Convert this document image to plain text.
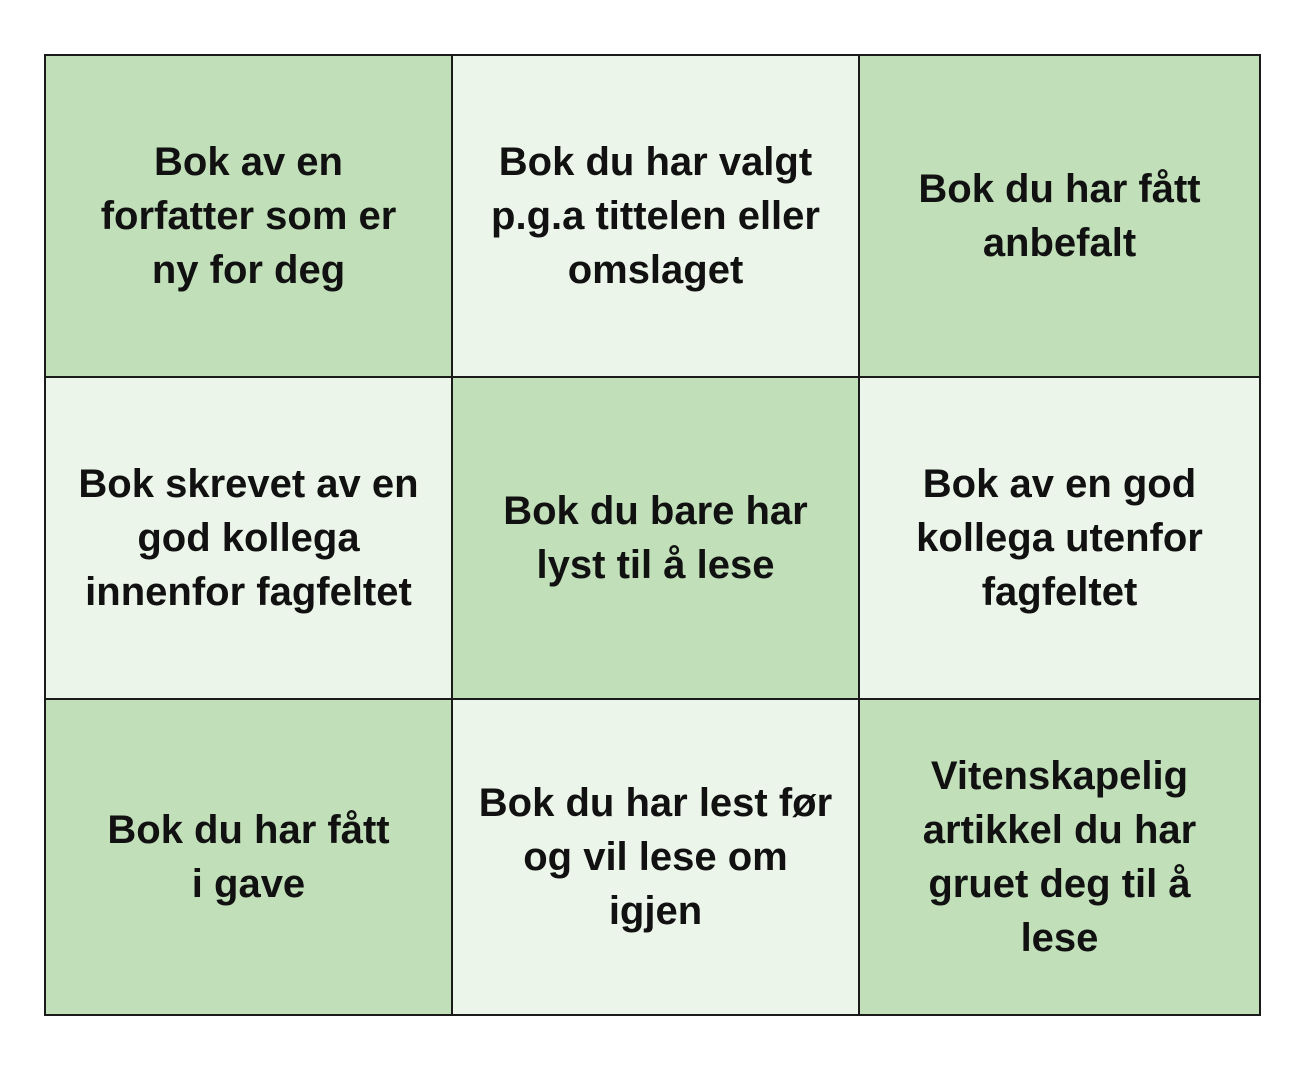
Bok av en
forfatter som er
ny for deg
Bok du har valgt
p.g.a tittelen eller
omslaget
Bok du har fått
anbefalt
Bok skrevet av en
god kollega
innenfor fagfeltet
Bok du bare har
lyst til å lese
Bok av en god
kollega utenfor
fagfeltet
Bok du har fått
i gave
Bok du har lest før
og vil lese om
igjen
Vitenskapelig
artikkel du har
gruet deg til å
lese
